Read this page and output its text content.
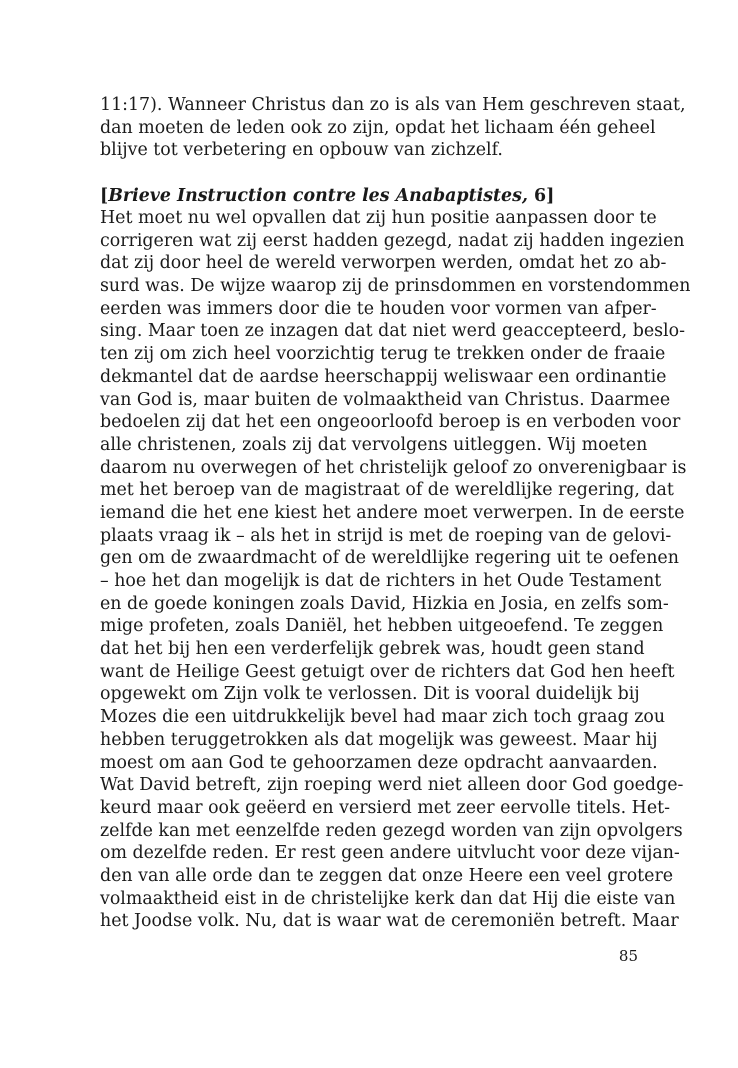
11:17). Wanneer Christus dan zo is als van Hem geschreven staat,
dan moeten de leden ook zo zijn, opdat het lichaam één geheel
blijve tot verbetering en opbouw van zichzelf.
[Brieve Instruction contre les Anabaptistes, 6]
Het moet nu wel opvallen dat zij hun positie aanpassen door te
corrigeren wat zij eerst hadden gezegd, nadat zij hadden ingezien
dat zij door heel de wereld verworpen werden, omdat het zo ab-
surd was. De wijze waarop zij de prinsdommen en vorstendommen
eerden was immers door die te houden voor vormen van afper-
sing. Maar toen ze inzagen dat dat niet werd geaccepteerd, beslo-
ten zij om zich heel voorzichtig terug te trekken onder de fraaie
dekmantel dat de aardse heerschappij weliswaar een ordinantie
van God is, maar buiten de volmaaktheid van Christus. Daarmee
bedoelen zij dat het een ongeoorloofd beroep is en verboden voor
alle christenen, zoals zij dat vervolgens uitleggen. Wij moeten
daarom nu overwegen of het christelijk geloof zo onverenigbaar is
met het beroep van de magistraat of de wereldlijke regering, dat
iemand die het ene kiest het andere moet verwerpen. In de eerste
plaats vraag ik – als het in strijd is met de roeping van de gelovi-
gen om de zwaardmacht of de wereldlijke regering uit te oefenen
– hoe het dan mogelijk is dat de richters in het Oude Testament
en de goede koningen zoals David, Hizkia en Josia, en zelfs som-
mige profeten, zoals Daniël, het hebben uitgeoefend. Te zeggen
dat het bij hen een verderfelijk gebrek was, houdt geen stand
want de Heilige Geest getuigt over de richters dat God hen heeft
opgewekt om Zijn volk te verlossen. Dit is vooral duidelijk bij
Mozes die een uitdrukkelijk bevel had maar zich toch graag zou
hebben teruggetrokken als dat mogelijk was geweest. Maar hij
moest om aan God te gehoorzamen deze opdracht aanvaarden.
Wat David betreft, zijn roeping werd niet alleen door God goedge-
keurd maar ook geëerd en versierd met zeer eervolle titels. Het-
zelfde kan met eenzelfde reden gezegd worden van zijn opvolgers
om dezelfde reden. Er rest geen andere uitvlucht voor deze vijan-
den van alle orde dan te zeggen dat onze Heere een veel grotere
volmaaktheid eist in de christelijke kerk dan dat Hij die eiste van
het Joodse volk. Nu, dat is waar wat de ceremoniën betreft. Maar
85
